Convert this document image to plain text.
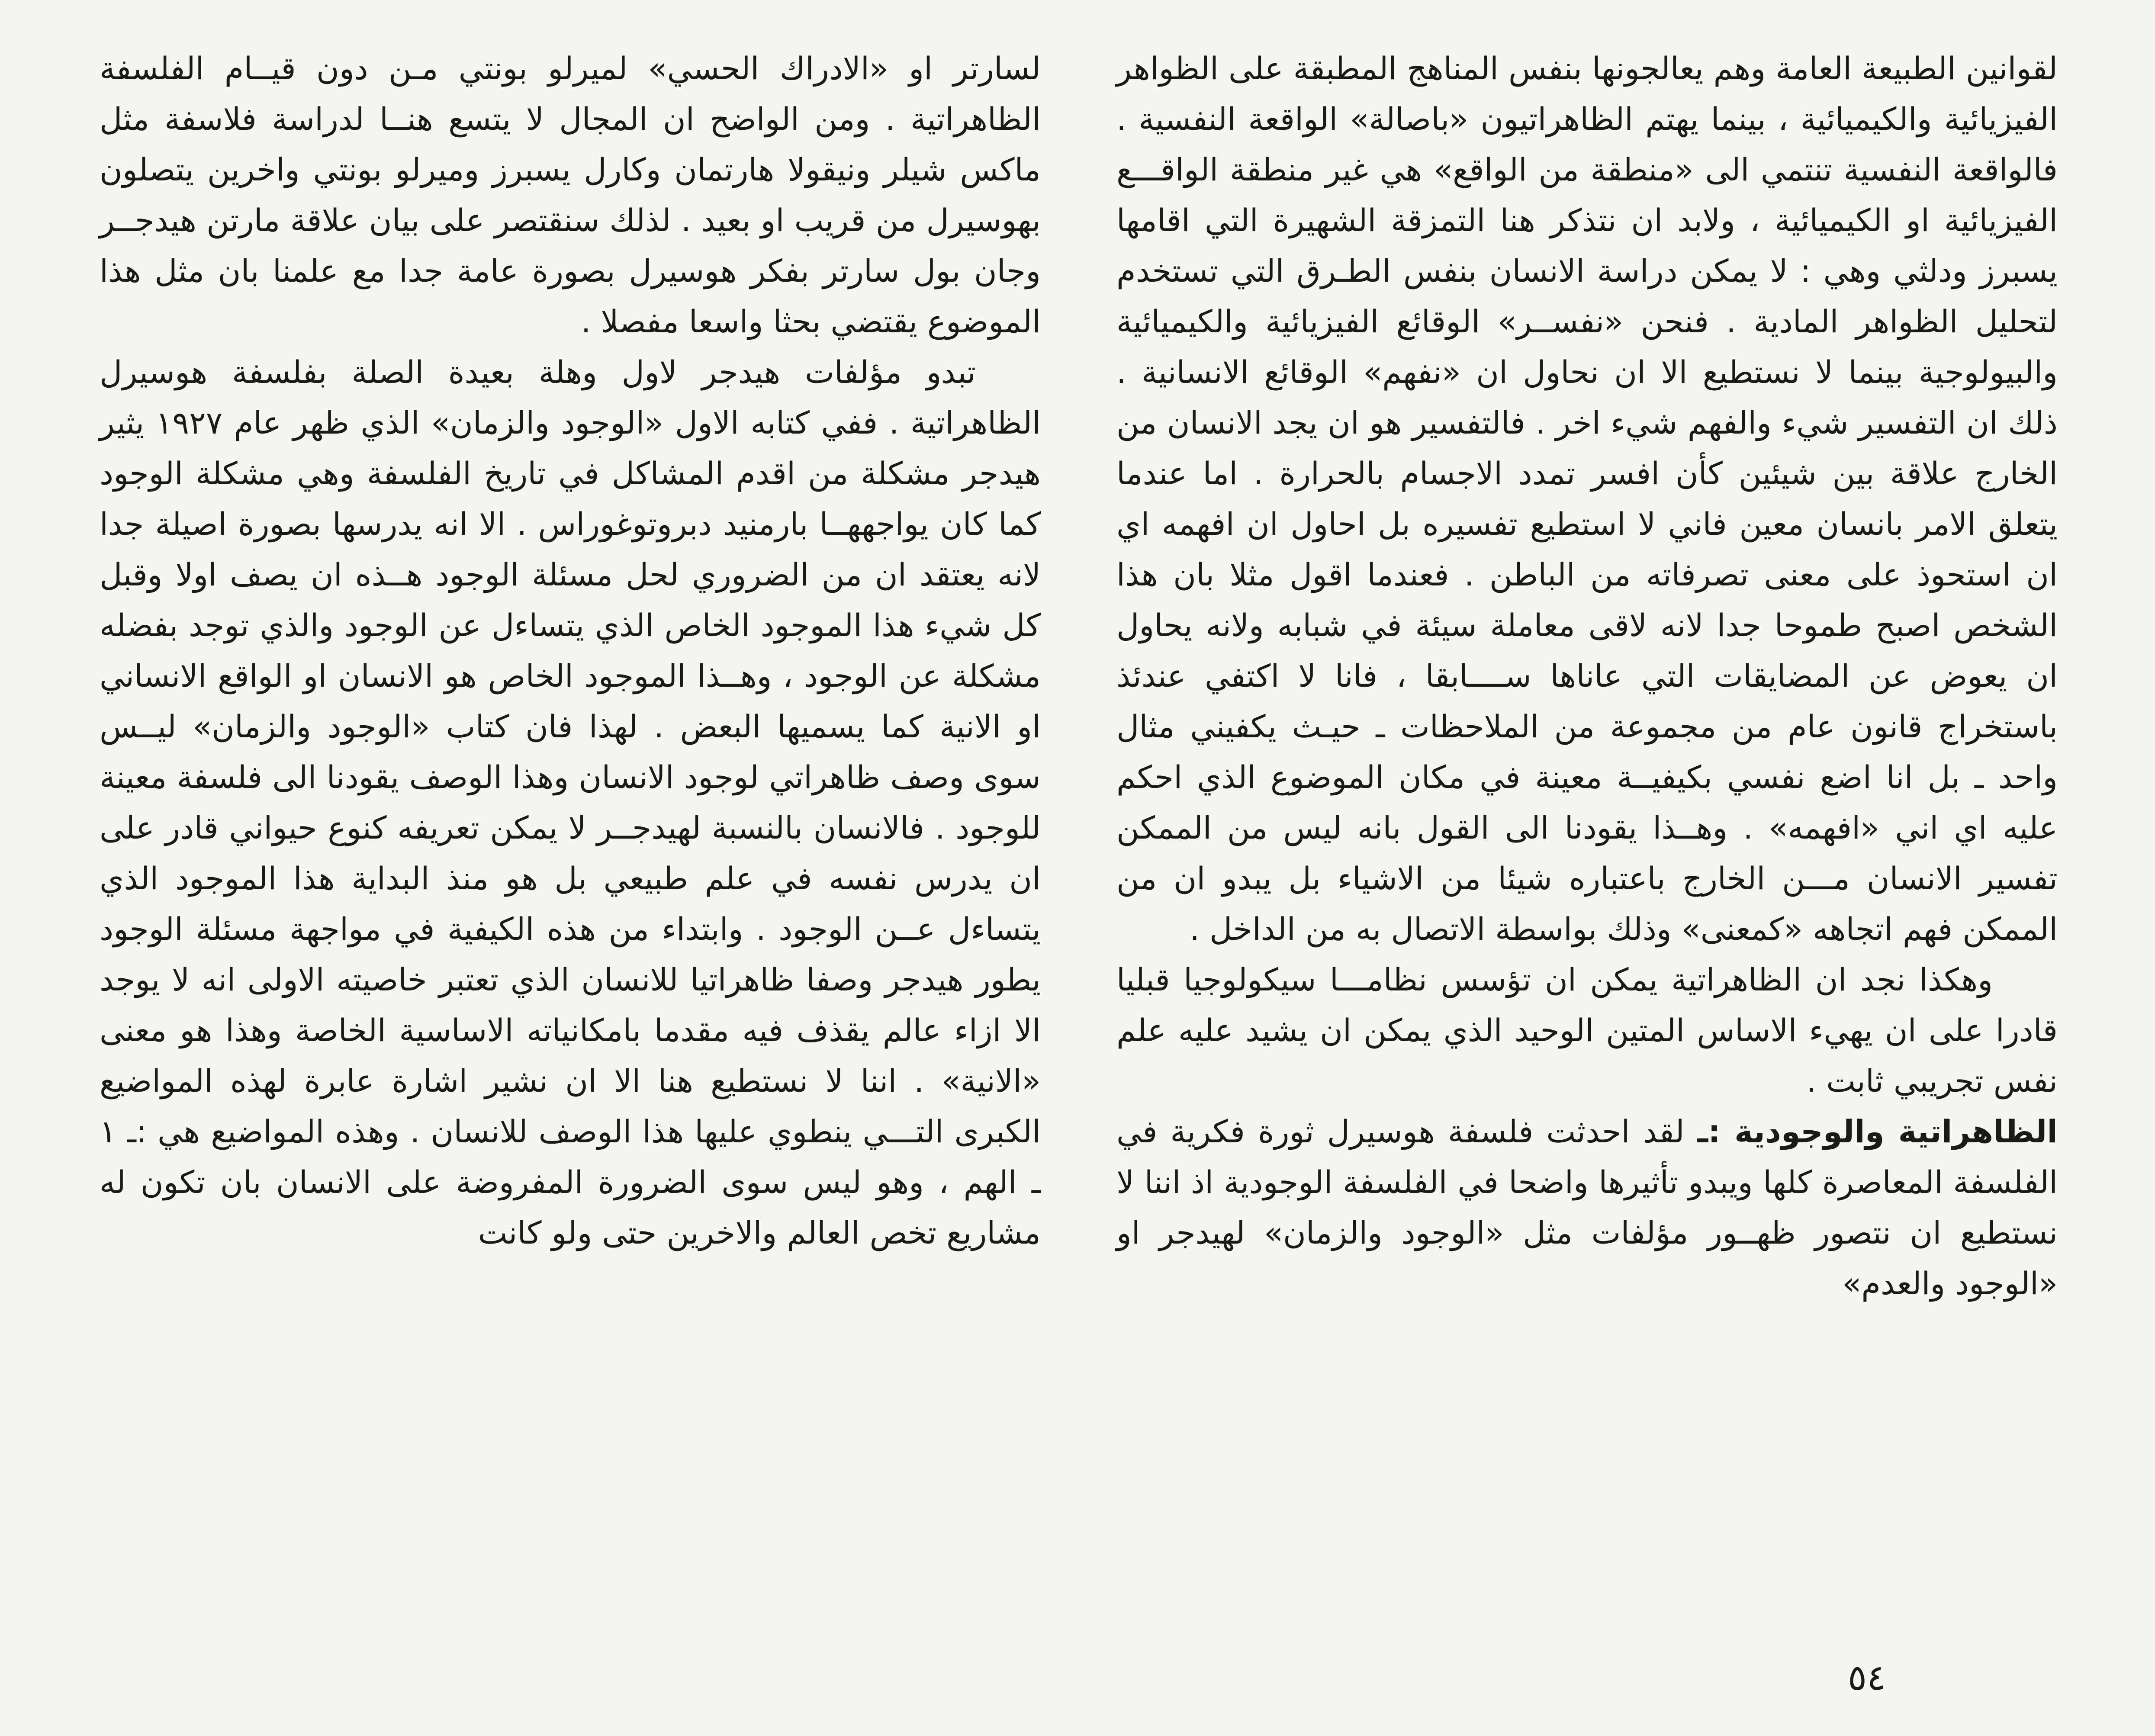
لقوانين الطبيعة العامة وهم يعالجونها بنفس المناهج المطبقة على الظواهر الفيزيائية والكيميائية ، بينما يهتم الظاهراتيون «باصالة» الواقعة النفسية . فالواقعة النفسية تنتمي الى «منطقة من الواقع» هي غير منطقة الواقـــع الفيزيائية او الكيميائية ، ولابد ان نتذكر هنا التمزقة الشهيرة التي اقامها يسبرز ودلثي وهي : لا يمكن دراسة الانسان بنفس الطـرق التي تستخدم لتحليل الظواهر المادية . فنحن «نفســر» الوقائع الفيزيائية والكيميائية والبيولوجية بينما لا نستطيع الا ان نحاول ان «نفهم» الوقائع الانسانية . ذلك ان التفسير شيء والفهم شيء اخر . فالتفسير هو ان يجد الانسان من الخارج علاقة بين شيئين كأن افسر تمدد الاجسام بالحرارة . اما عندما يتعلق الامر بانسان معين فاني لا استطيع تفسيره بل احاول ان افهمه اي ان استحوذ على معنى تصرفاته من الباطن . فعندما اقول مثلا بان هذا الشخص اصبح طموحا جدا لانه لاقى معاملة سيئة في شبابه ولانه يحاول ان يعوض عن المضايقات التي عاناها ســــابقا ، فانا لا اكتفي عندئذ باستخراج قانون عام من مجموعة من الملاحظات ـ حيـث يكفيني مثال واحد ـ بل انا اضع نفسي بكيفيــة معينة في مكان الموضوع الذي احكم عليه اي اني «افهمه» . وهــذا يقودنا الى القول بانه ليس من الممكن تفسير الانسان مـــن الخارج باعتباره شيئا من الاشياء بل يبدو ان من الممكن فهم اتجاهه «كمعنى» وذلك بواسطة الاتصال به من الداخل .

وهكذا نجد ان الظاهراتية يمكن ان تؤسس نظامـــا سيكولوجيا قبليا قادرا على ان يهيء الاساس المتين الوحيد الذي يمكن ان يشيد عليه علم نفس تجريبي ثابت .

الظاهراتية والوجودية :ـ لقد احدثت فلسفة هوسيرل ثورة فكرية في الفلسفة المعاصرة كلها ويبدو تأثيرها واضحا في الفلسفة الوجودية اذ اننا لا نستطيع ان نتصور ظهــور مؤلفات مثل «الوجود والزمان» لهيدجر او «الوجود والعدم»

لسارتر او «الادراك الحسي» لميرلو بونتي مـن دون قيــام الفلسفة الظاهراتية . ومن الواضح ان المجال لا يتسع هنــا لدراسة فلاسفة مثل ماكس شيلر ونيقولا هارتمان وكارل يسبرز وميرلو بونتي واخرين يتصلون بهوسيرل من قريب او بعيد . لذلك سنقتصر على بيان علاقة مارتن هيدجــر وجان بول سارتر بفكر هوسيرل بصورة عامة جدا مع علمنا بان مثل هذا الموضوع يقتضي بحثا واسعا مفصلا .

تبدو مؤلفات هيدجر لاول وهلة بعيدة الصلة بفلسفة هوسيرل الظاهراتية . ففي كتابه الاول «الوجود والزمان» الذي ظهر عام ١٩٢٧ يثير هيدجر مشكلة من اقدم المشاكل في تاريخ الفلسفة وهي مشكلة الوجود كما كان يواجههــا بارمنيد دبروتوغوراس . الا انه يدرسها بصورة اصيلة جدا لانه يعتقد ان من الضروري لحل مسئلة الوجود هــذه ان يصف اولا وقبل كل شيء هذا الموجود الخاص الذي يتساءل عن الوجود والذي توجد بفضله مشكلة عن الوجود ، وهــذا الموجود الخاص هو الانسان او الواقع الانساني او الانية كما يسميها البعض . لهذا فان كتاب «الوجود والزمان» ليــس سوى وصف ظاهراتي لوجود الانسان وهذا الوصف يقودنا الى فلسفة معينة للوجود . فالانسان بالنسبة لهيدجــر لا يمكن تعريفه كنوع حيواني قادر على ان يدرس نفسه في علم طبيعي بل هو منذ البداية هذا الموجود الذي يتساءل عــن الوجود . وابتداء من هذه الكيفية في مواجهة مسئلة الوجود يطور هيدجر وصفا ظاهراتيا للانسان الذي تعتبر خاصيته الاولى انه لا يوجد الا ازاء عالم يقذف فيه مقدما بامكانياته الاساسية الخاصة وهذا هو معنى «الانية» . اننا لا نستطيع هنا الا ان نشير اشارة عابرة لهذه المواضيع الكبرى التـــي ينطوي عليها هذا الوصف للانسان . وهذه المواضيع هي :ـ ١ ـ الهم ، وهو ليس سوى الضرورة المفروضة على الانسان بان تكون له مشاريع تخص العالم والاخرين حتى ولو كانت

٥٤
